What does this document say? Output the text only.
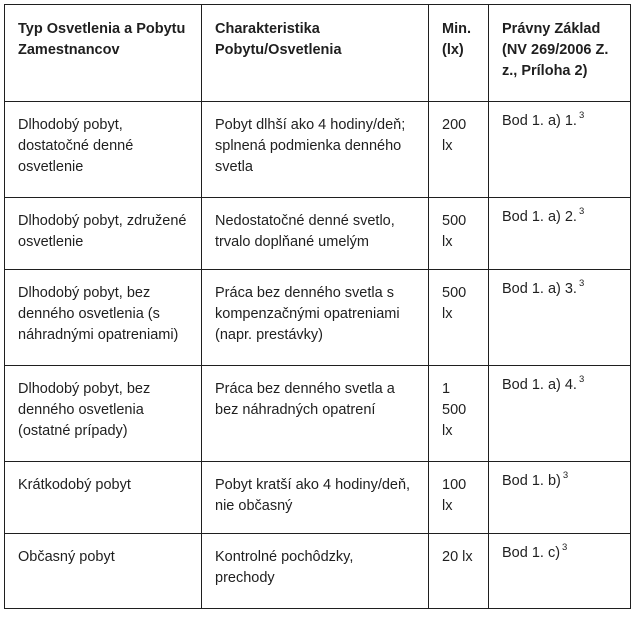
Typ Osvetlenia a Pobytu Zamestnancov	Charakteristika Pobytu/Osvetlenia	Min. (lx)	Právny Základ (NV 269/2006 Z. z., Príloha 2)
Dlhodobý pobyt, dostatočné denné osvetlenie	Pobyt dlhší ako 4 hodiny/deň; splnená podmienka denného svetla	200 lx	Bod 1. a) 1. $^3$
Dlhodobý pobyt, združené osvetlenie	Nedostatočné denné svetlo, trvalo doplňané umelým	500 lx	Bod 1. a) 2. $^3$
Dlhodobý pobyt, bez denného osvetlenia (s náhradnými opatreniami)	Práca bez denného svetla s kompenzačnými opatreniami (napr. prestávky)	500 lx	Bod 1. a) 3. $^3$
Dlhodobý pobyt, bez denného osvetlenia (ostatné prípady)	Práca bez denného svetla a bez náhradných opatrení	1 500 lx	Bod 1. a) 4. $^3$
Krátkodobý pobyt	Pobyt kratší ako 4 hodiny/deň, nie občasný	100 lx	Bod 1. b) $^3$
Občasný pobyt	Kontrolné pochôdzky, prechody	20 lx	Bod 1. c) $^3$
